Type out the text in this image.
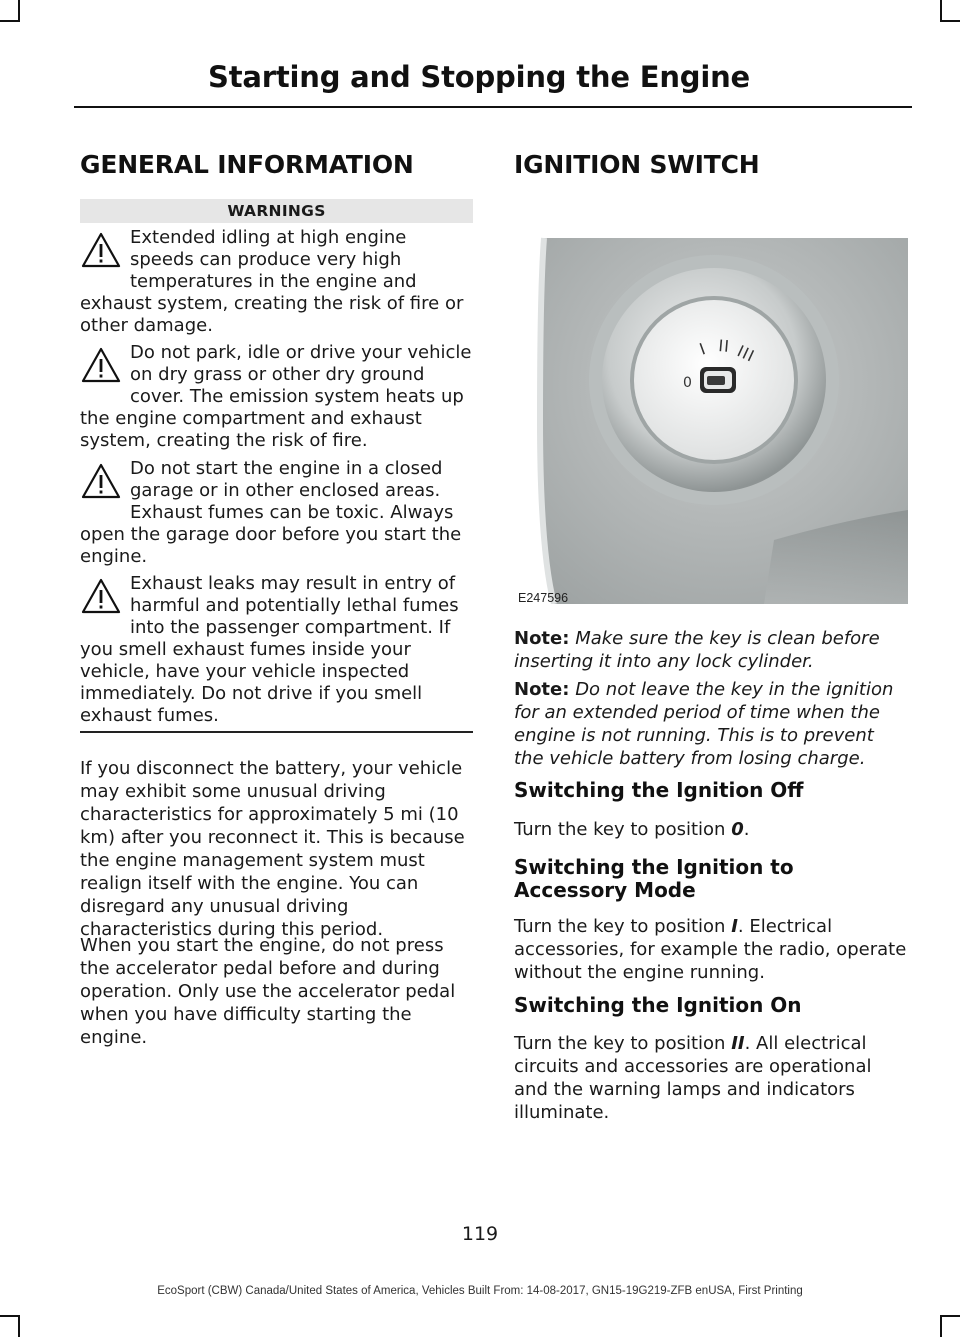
Starting and Stopping the Engine
GENERAL INFORMATION
WARNINGS

Extended idling at high engine speeds can produce very high temperatures in the engine and exhaust system, creating the risk of fire or other damage.

Do not park, idle or drive your vehicle on dry grass or other dry ground cover. The emission system heats up the engine compartment and exhaust system, creating the risk of fire.

Do not start the engine in a closed garage or in other enclosed areas. Exhaust fumes can be toxic. Always open the garage door before you start the engine.

Exhaust leaks may result in entry of harmful and potentially lethal fumes into the passenger compartment. If you smell exhaust fumes inside your vehicle, have your vehicle inspected immediately. Do not drive if you smell exhaust fumes.

If you disconnect the battery, your vehicle may exhibit some unusual driving characteristics for approximately 5 mi (10 km) after you reconnect it. This is because the engine management system must realign itself with the engine. You can disregard any unusual driving characteristics during this period.

When you start the engine, do not press the accelerator pedal before and during operation. Only use the accelerator pedal when you have difficulty starting the engine.

IGNITION SWITCH
0
I II III
E247596

Note: Make sure the key is clean before inserting it into any lock cylinder.

Note: Do not leave the key in the ignition for an extended period of time when the engine is not running. This is to prevent the vehicle battery from losing charge.

Switching the Ignition Off

Turn the key to position 0.

Switching the Ignition to Accessory Mode

Turn the key to position I. Electrical accessories, for example the radio, operate without the engine running.

Switching the Ignition On

Turn the key to position II. All electrical circuits and accessories are operational and the warning lamps and indicators illuminate.

119
EcoSport (CBW) Canada/United States of America, Vehicles Built From: 14-08-2017, GN15-19G219-ZFB enUSA, First Printing
